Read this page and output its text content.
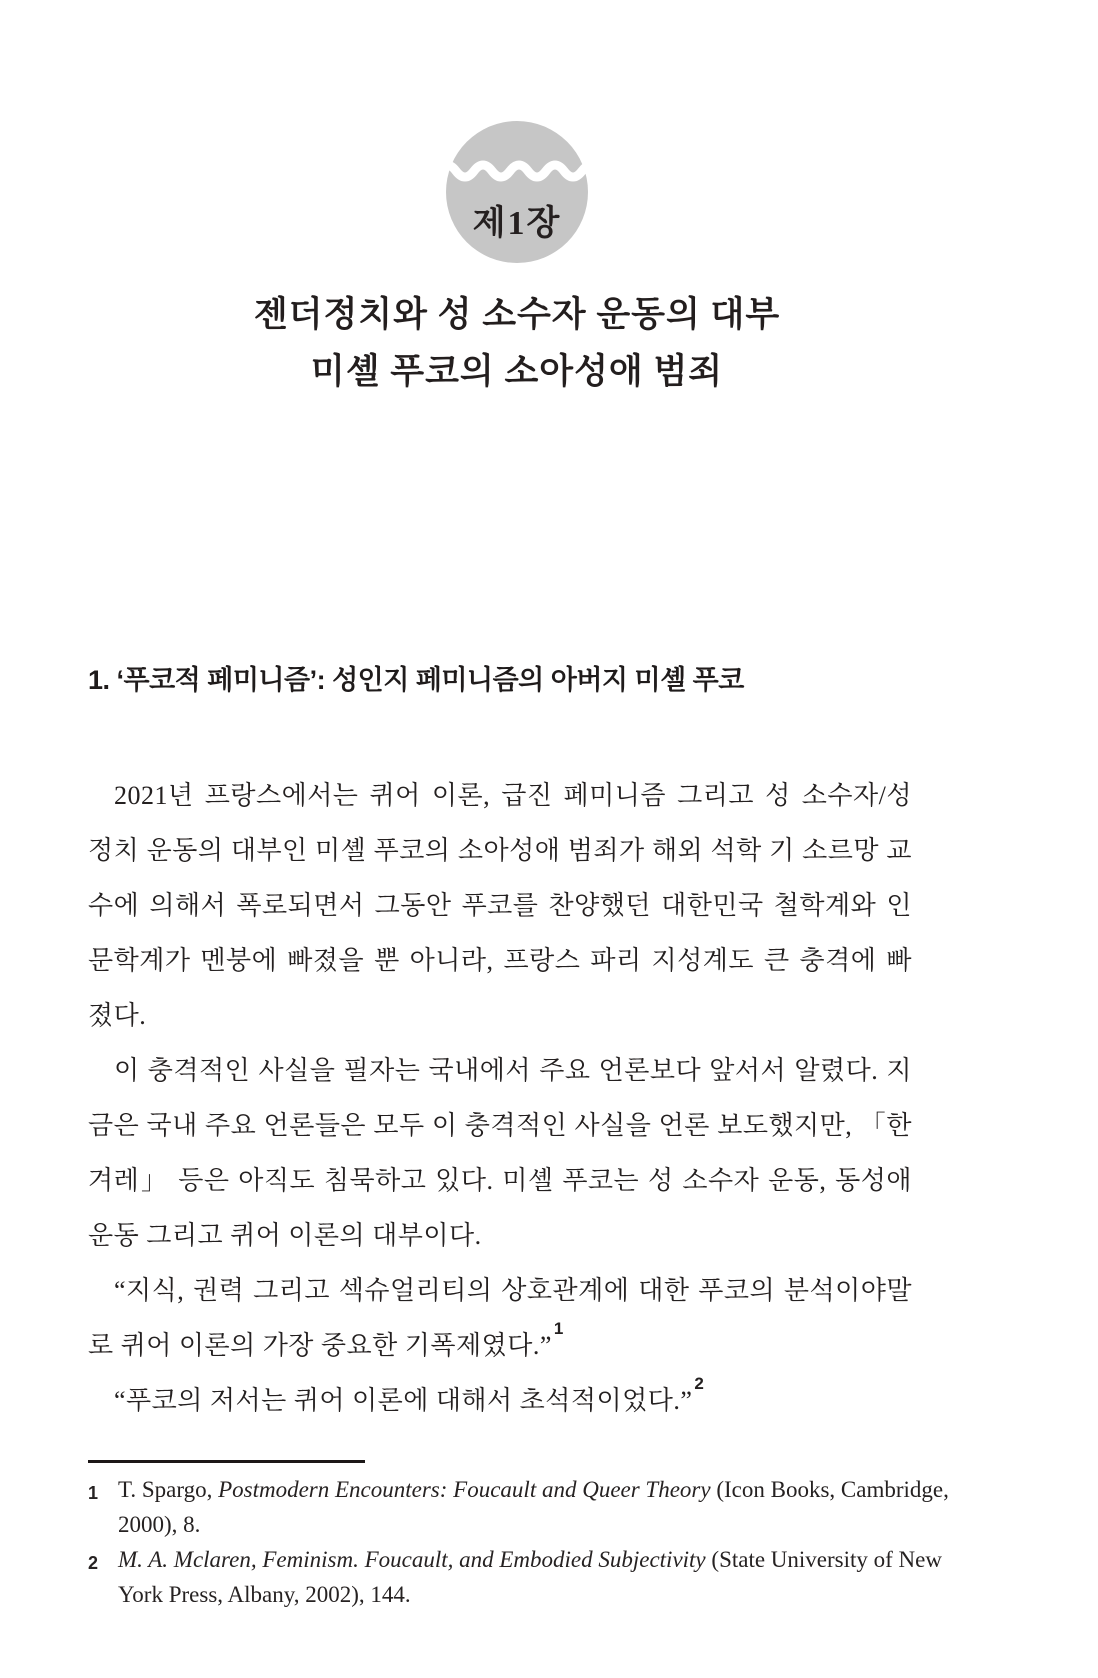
제1장
젠더정치와 성 소수자 운동의 대부
미셸 푸코의 소아성애 범죄
1. ‘푸코적 페미니즘’: 성인지 페미니즘의 아버지 미셸 푸코
2021년 프랑스에서는 퀴어 이론, 급진 페미니즘 그리고 성 소수자/성
정치 운동의 대부인 미셸 푸코의 소아성애 범죄가 해외 석학 기 소르망 교
수에 의해서 폭로되면서 그동안 푸코를 찬양했던 대한민국 철학계와 인
문학계가 멘붕에 빠졌을 뿐 아니라, 프랑스 파리 지성계도 큰 충격에 빠
졌다.
이 충격적인 사실을 필자는 국내에서 주요 언론보다 앞서서 알렸다. 지
금은 국내 주요 언론들은 모두 이 충격적인 사실을 언론 보도했지만, 「한
겨레」 등은 아직도 침묵하고 있다. 미셸 푸코는 성 소수자 운동, 동성애
운동 그리고 퀴어 이론의 대부이다.
“지식, 권력 그리고 섹슈얼리티의 상호관계에 대한 푸코의 분석이야말
로 퀴어 이론의 가장 중요한 기폭제였다.”$^1$
“푸코의 저서는 퀴어 이론에 대해서 초석적이었다.”$^2$
1 T. Spargo, Postmodern Encounters: Foucault and Queer Theory (Icon Books, Cambridge,
2000), 8.
2 M. A. Mclaren, Feminism. Foucault, and Embodied Subjectivity (State University of New
York Press, Albany, 2002), 144.
